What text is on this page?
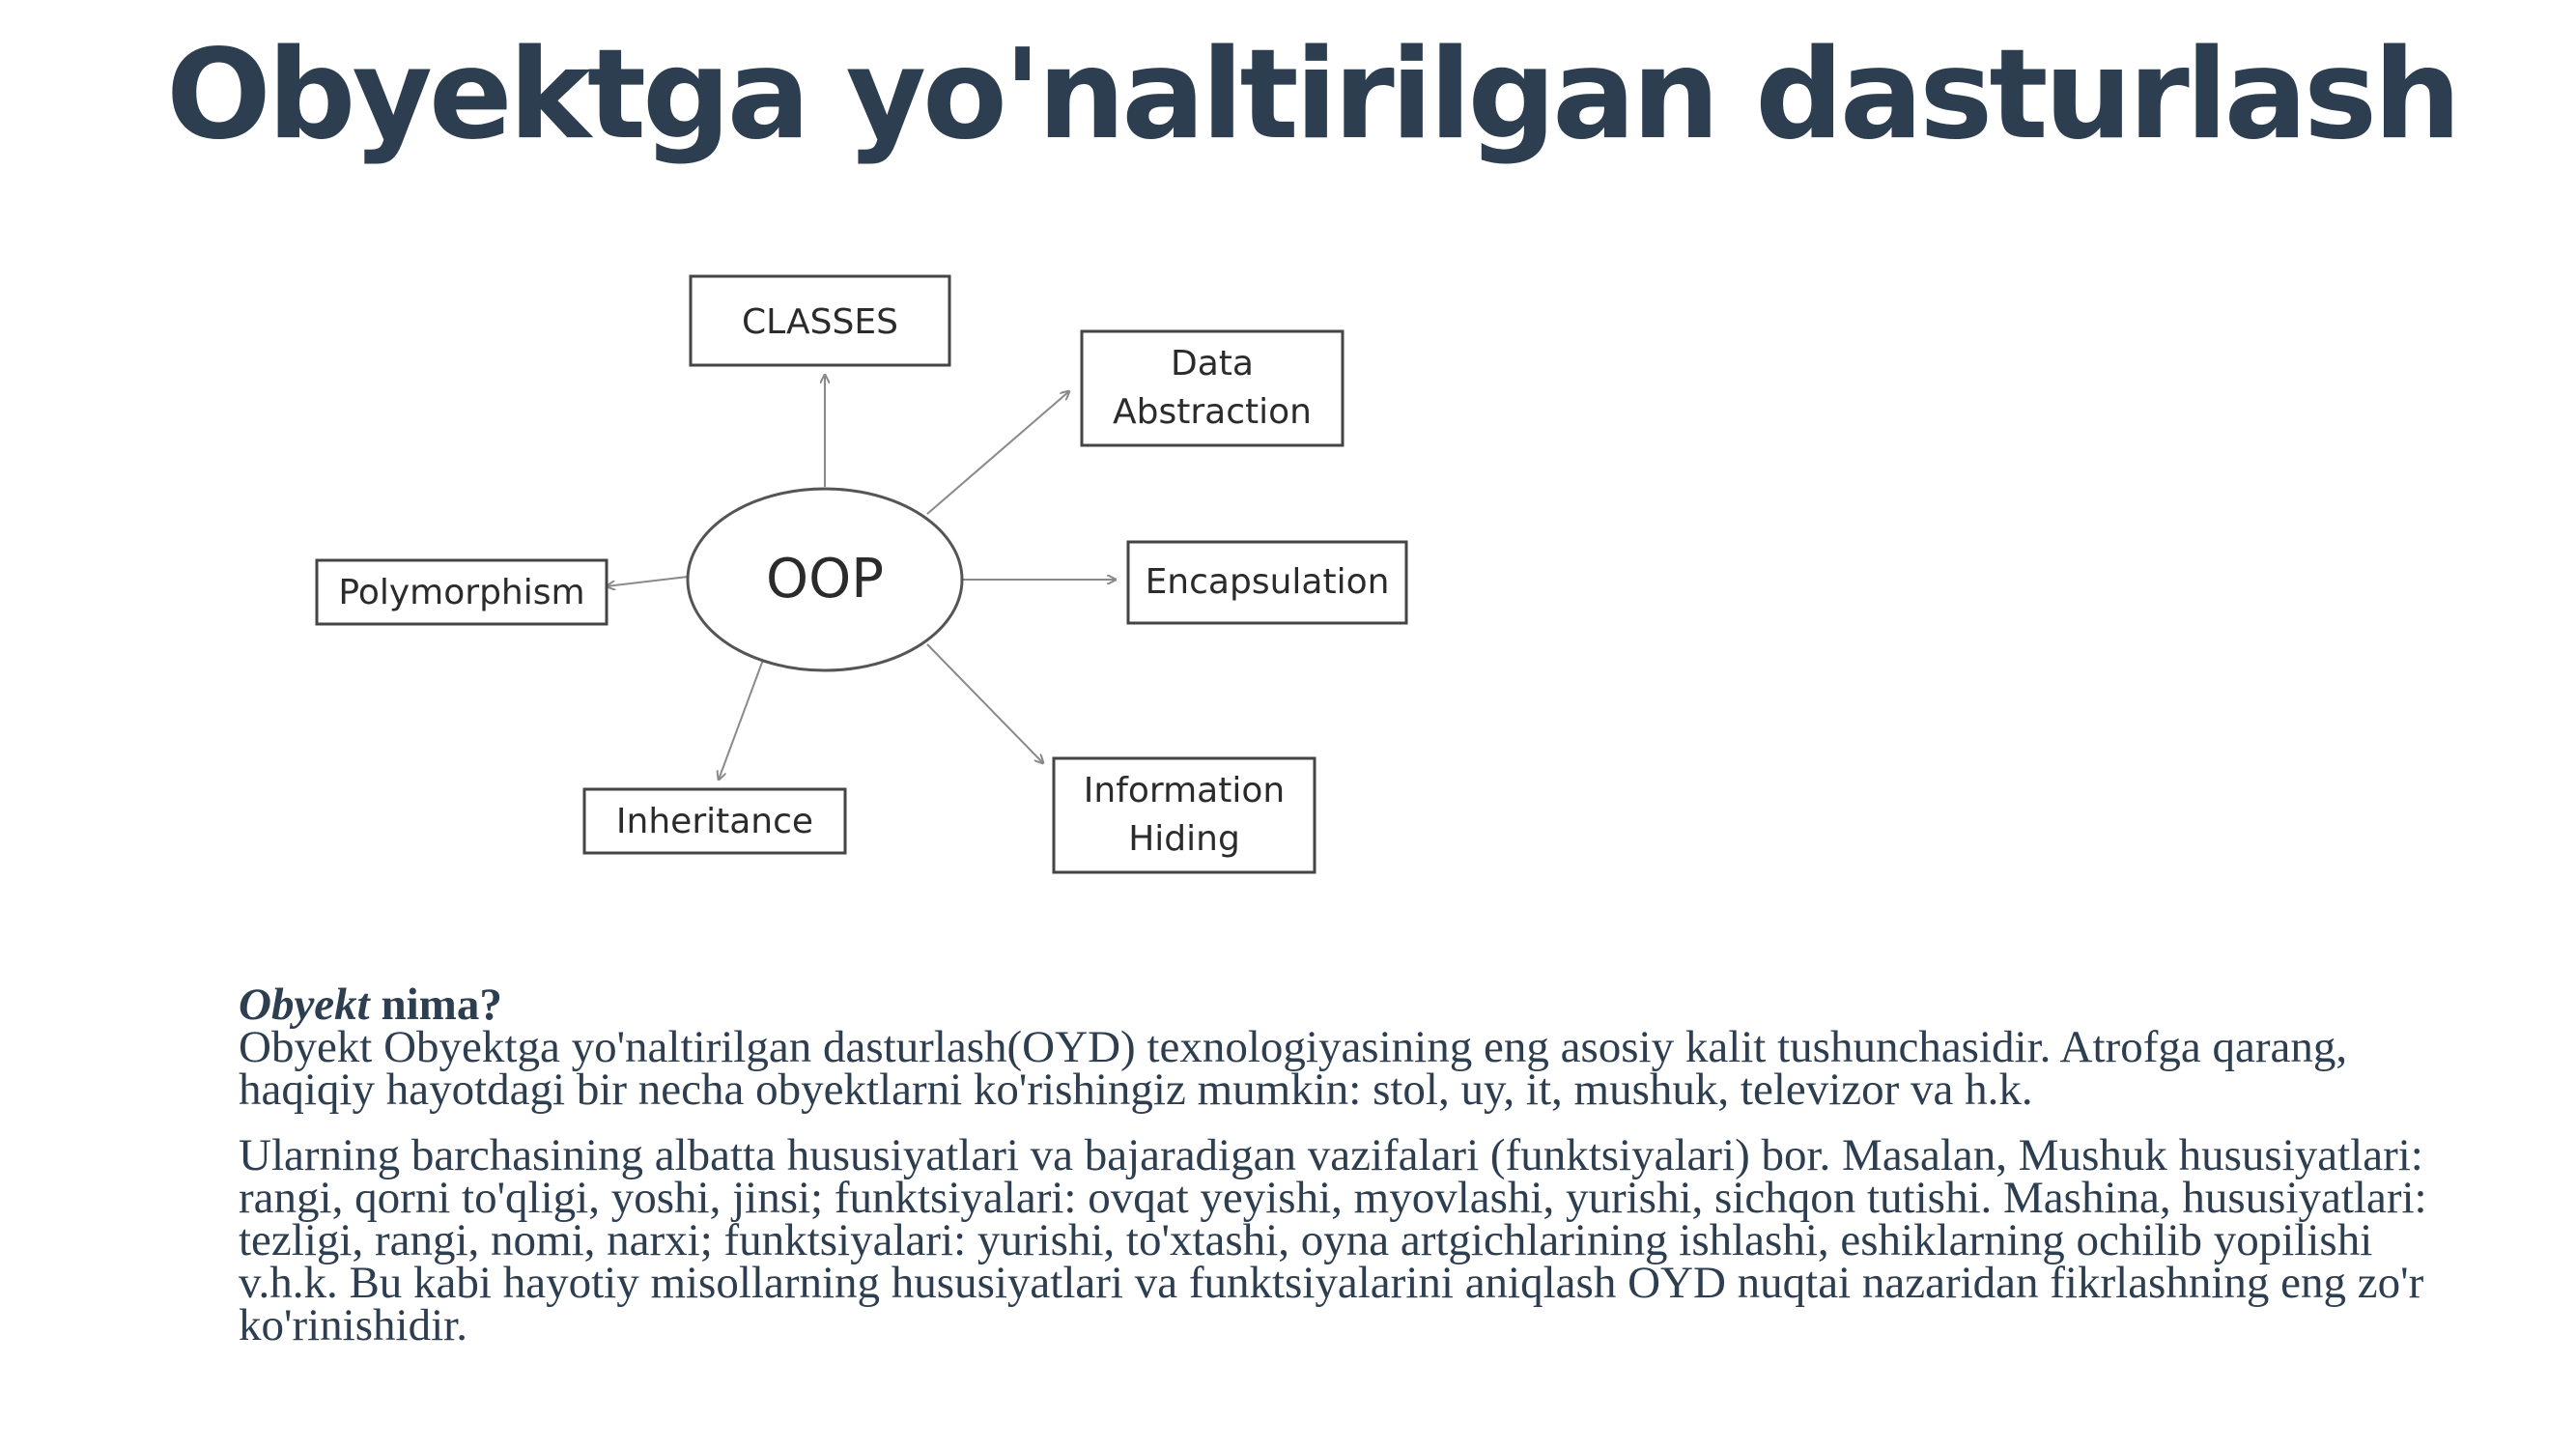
Obyektga yo'naltirilgan dasturlash
OOP
CLASSES
Data
Abstraction
Encapsulation
Information
Hiding
Inheritance
Polymorphism

Obyekt nima?

Obyekt Obyektga yo'naltirilgan dasturlash(OYD) texnologiyasining eng asosiy kalit tushunchasidir. Atrofga qarang, haqiqiy hayotdagi bir necha obyektlarni ko'rishingiz mumkin: stol, uy, it, mushuk, televizor va h.k.

Ularning barchasining albatta hususiyatlari va bajaradigan vazifalari (funktsiyalari) bor. Masalan, Mushuk hususiyatlari: rangi, qorni to'qligi, yoshi, jinsi; funktsiyalari: ovqat yeyishi, myovlashi, yurishi, sichqon tutishi. Mashina, hususiyatlari: tezligi, rangi, nomi, narxi; funktsiyalari: yurishi, to'xtashi, oyna artgichlarining ishlashi, eshiklarning ochilib yopilishi v.h.k. Bu kabi hayotiy misollarning hususiyatlari va funktsiyalarini aniqlash OYD nuqtai nazaridan fikrlashning eng zo'r ko'rinishidir.
